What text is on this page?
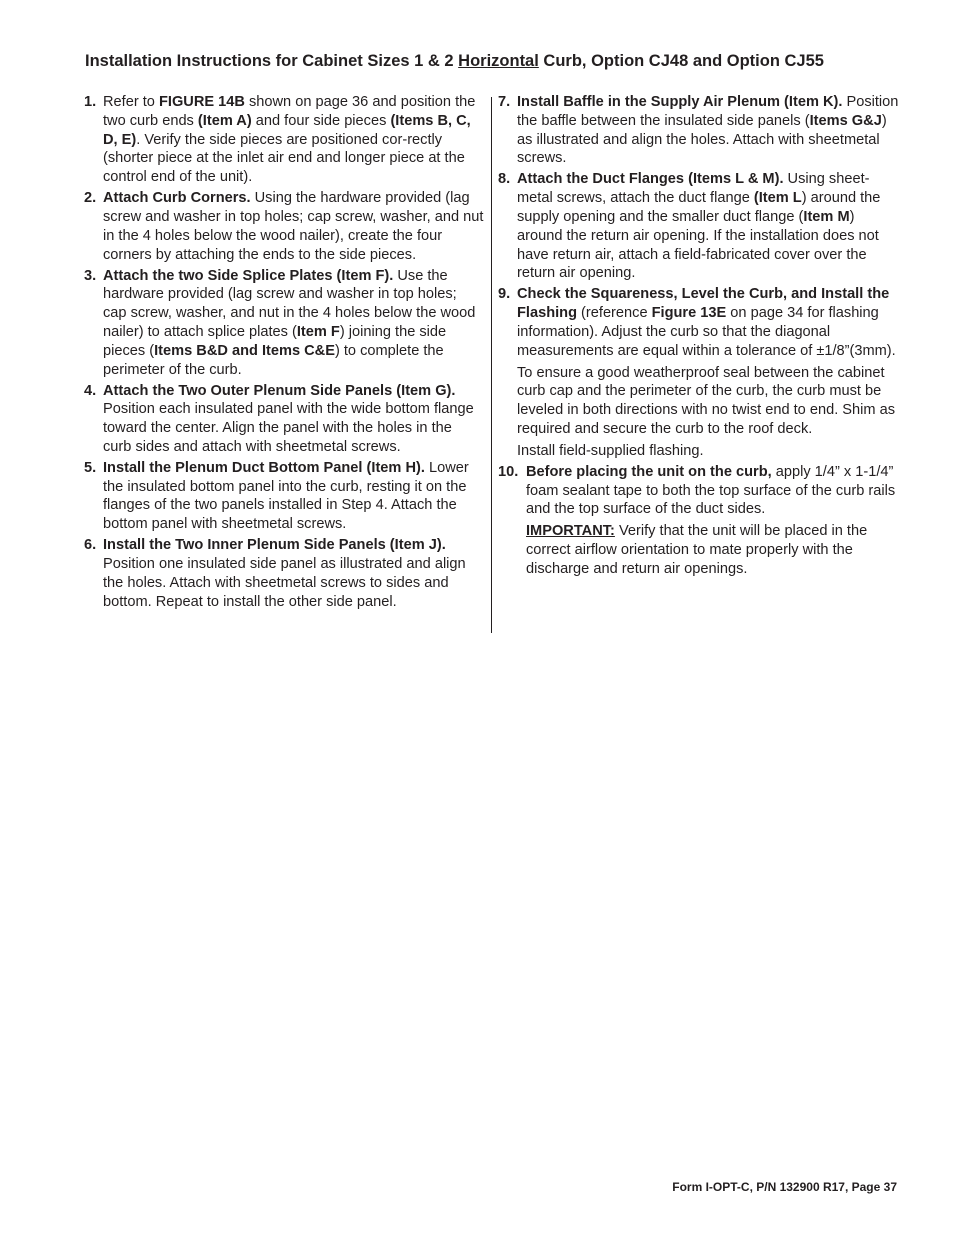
Installation Instructions for Cabinet Sizes 1 & 2 Horizontal Curb, Option CJ48 and Option CJ55
1. Refer to FIGURE 14B shown on page 36 and position the two curb ends (Item A) and four side pieces (Items B, C, D, E). Verify the side pieces are positioned cor-rectly (shorter piece at the inlet air end and longer piece at the control end of the unit).
2. Attach Curb Corners. Using the hardware provided (lag screw and washer in top holes; cap screw, washer, and nut in the 4 holes below the wood nailer), create the four corners by attaching the ends to the side pieces.
3. Attach the two Side Splice Plates (Item F). Use the hardware provided (lag screw and washer in top holes; cap screw, washer, and nut in the 4 holes below the wood nailer) to attach splice plates (Item F) joining the side pieces (Items B&D and Items C&E) to complete the perimeter of the curb.
4. Attach the Two Outer Plenum Side Panels (Item G). Position each insulated panel with the wide bottom flange toward the center. Align the panel with the holes in the curb sides and attach with sheetmetal screws.
5. Install the Plenum Duct Bottom Panel (Item H). Lower the insulated bottom panel into the curb, resting it on the flanges of the two panels installed in Step 4. Attach the bottom panel with sheetmetal screws.
6. Install the Two Inner Plenum Side Panels (Item J). Position one insulated side panel as illustrated and align the holes. Attach with sheetmetal screws to sides and bottom. Repeat to install the other side panel.
7. Install Baffle in the Supply Air Plenum (Item K). Position the baffle between the insulated side panels (Items G&J) as illustrated and align the holes. Attach with sheetmetal screws.
8. Attach the Duct Flanges (Items L & M). Using sheet-metal screws, attach the duct flange (Item L) around the supply opening and the smaller duct flange (Item M) around the return air opening. If the installation does not have return air, attach a field-fabricated cover over the return air opening.
9. Check the Squareness, Level the Curb, and Install the Flashing (reference Figure 13E on page 34 for flashing information). Adjust the curb so that the diagonal measurements are equal within a tolerance of ±1/8”(3mm).
To ensure a good weatherproof seal between the cabinet curb cap and the perimeter of the curb, the curb must be leveled in both directions with no twist end to end. Shim as required and secure the curb to the roof deck.
Install field-supplied flashing.
10. Before placing the unit on the curb, apply 1/4” x 1-1/4” foam sealant tape to both the top surface of the curb rails and the top surface of the duct sides.
IMPORTANT: Verify that the unit will be placed in the correct airflow orientation to mate properly with the discharge and return air openings.
Form I-OPT-C, P/N 132900 R17, Page 37
